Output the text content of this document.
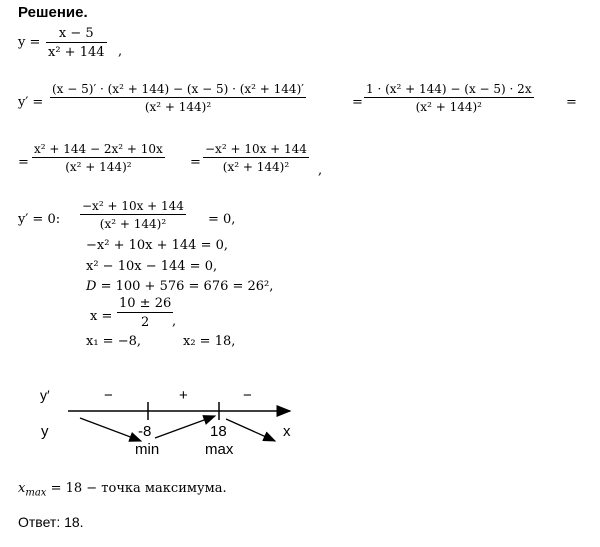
Решение.
y =
x − 5
x² + 144 ,
y′ =
(x − 5)′ · (x² + 144) − (x − 5) · (x² + 144)′
(x² + 144)²	=
1 · (x² + 144) − (x − 5) · 2x
(x² + 144)²	=
=
x² + 144 − 2x² + 10x
(x² + 144)²	=
−x² + 10x + 144
(x² + 144)² ,
y′ = 0:
−x² + 10x + 144
(x² + 144)²	= 0,
−x² + 10x + 144 = 0,
x² − 10x − 144 = 0,
D = 100 + 576 = 676 = 26²,
x =
10 ± 26
2 ,
x₁ = −8,	x₂ = 18,
y′	−	+	−
y	-8	18	x
min	max
$x_{max} = 18$ − точка максимума.
Ответ: 18.
